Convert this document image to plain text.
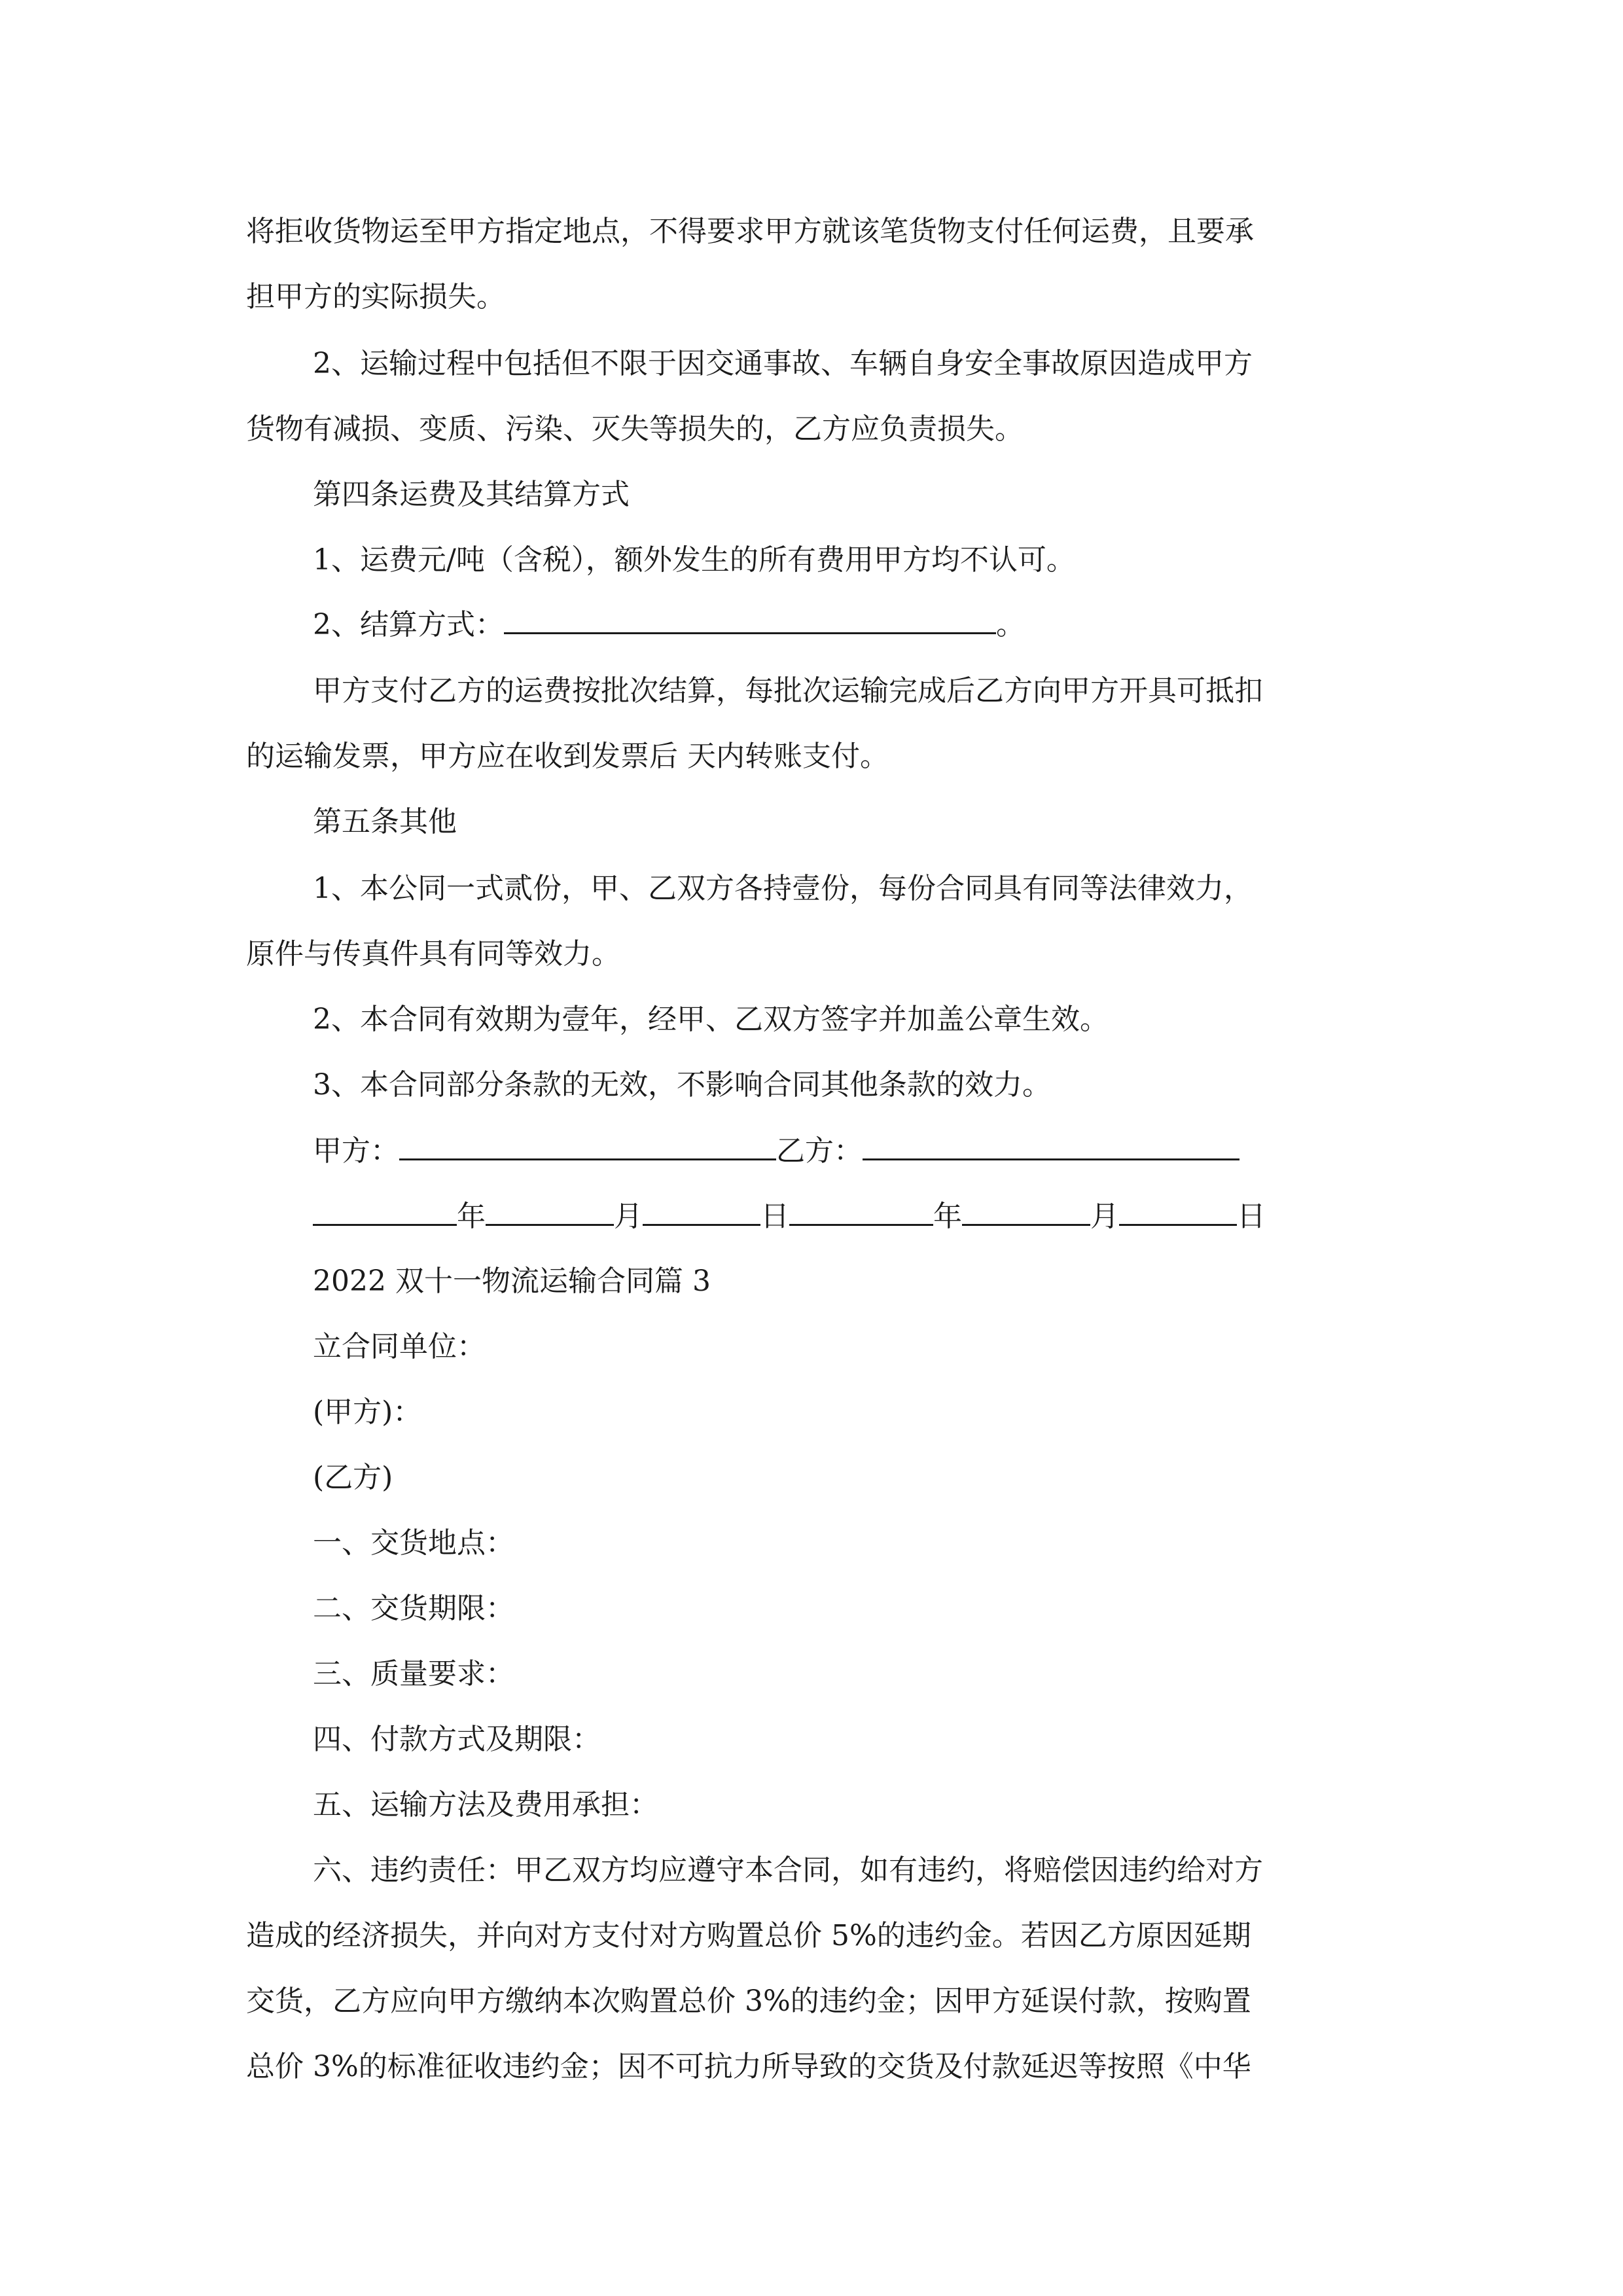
将拒收货物运至甲方指定地点，不得要求甲方就该笔货物支付任何运费，且要承
担甲方的实际损失。
2、运输过程中包括但不限于因交通事故、车辆自身安全事故原因造成甲方
货物有减损、变质、污染、灭失等损失的，乙方应负责损失。
第四条运费及其结算方式
1、运费元/吨（含税），额外发生的所有费用甲方均不认可。
2、结算方式：	。
甲方支付乙方的运费按批次结算，每批次运输完成后乙方向甲方开具可抵扣
的运输发票，甲方应在收到发票后 天内转账支付。
第五条其他
1、本公同一式贰份，甲、乙双方各持壹份，每份合同具有同等法律效力，
原件与传真件具有同等效力。
2、本合同有效期为壹年，经甲、乙双方签字并加盖公章生效。
3、本合同部分条款的无效，不影响合同其他条款的效力。
甲方：	乙方：
年	月	日	年	月	日
2022 双十一物流运输合同篇 3
立合同单位：
(甲方)：
(乙方)
一、交货地点：
二、交货期限：
三、质量要求：
四、付款方式及期限：
五、运输方法及费用承担：
六、违约责任：甲乙双方均应遵守本合同，如有违约，将赔偿因违约给对方
造成的经济损失，并向对方支付对方购置总价 5%的违约金。若因乙方原因延期
交货，乙方应向甲方缴纳本次购置总价 3%的违约金；因甲方延误付款，按购置
总价 3%的标准征收违约金；因不可抗力所导致的交货及付款延迟等按照《中华
